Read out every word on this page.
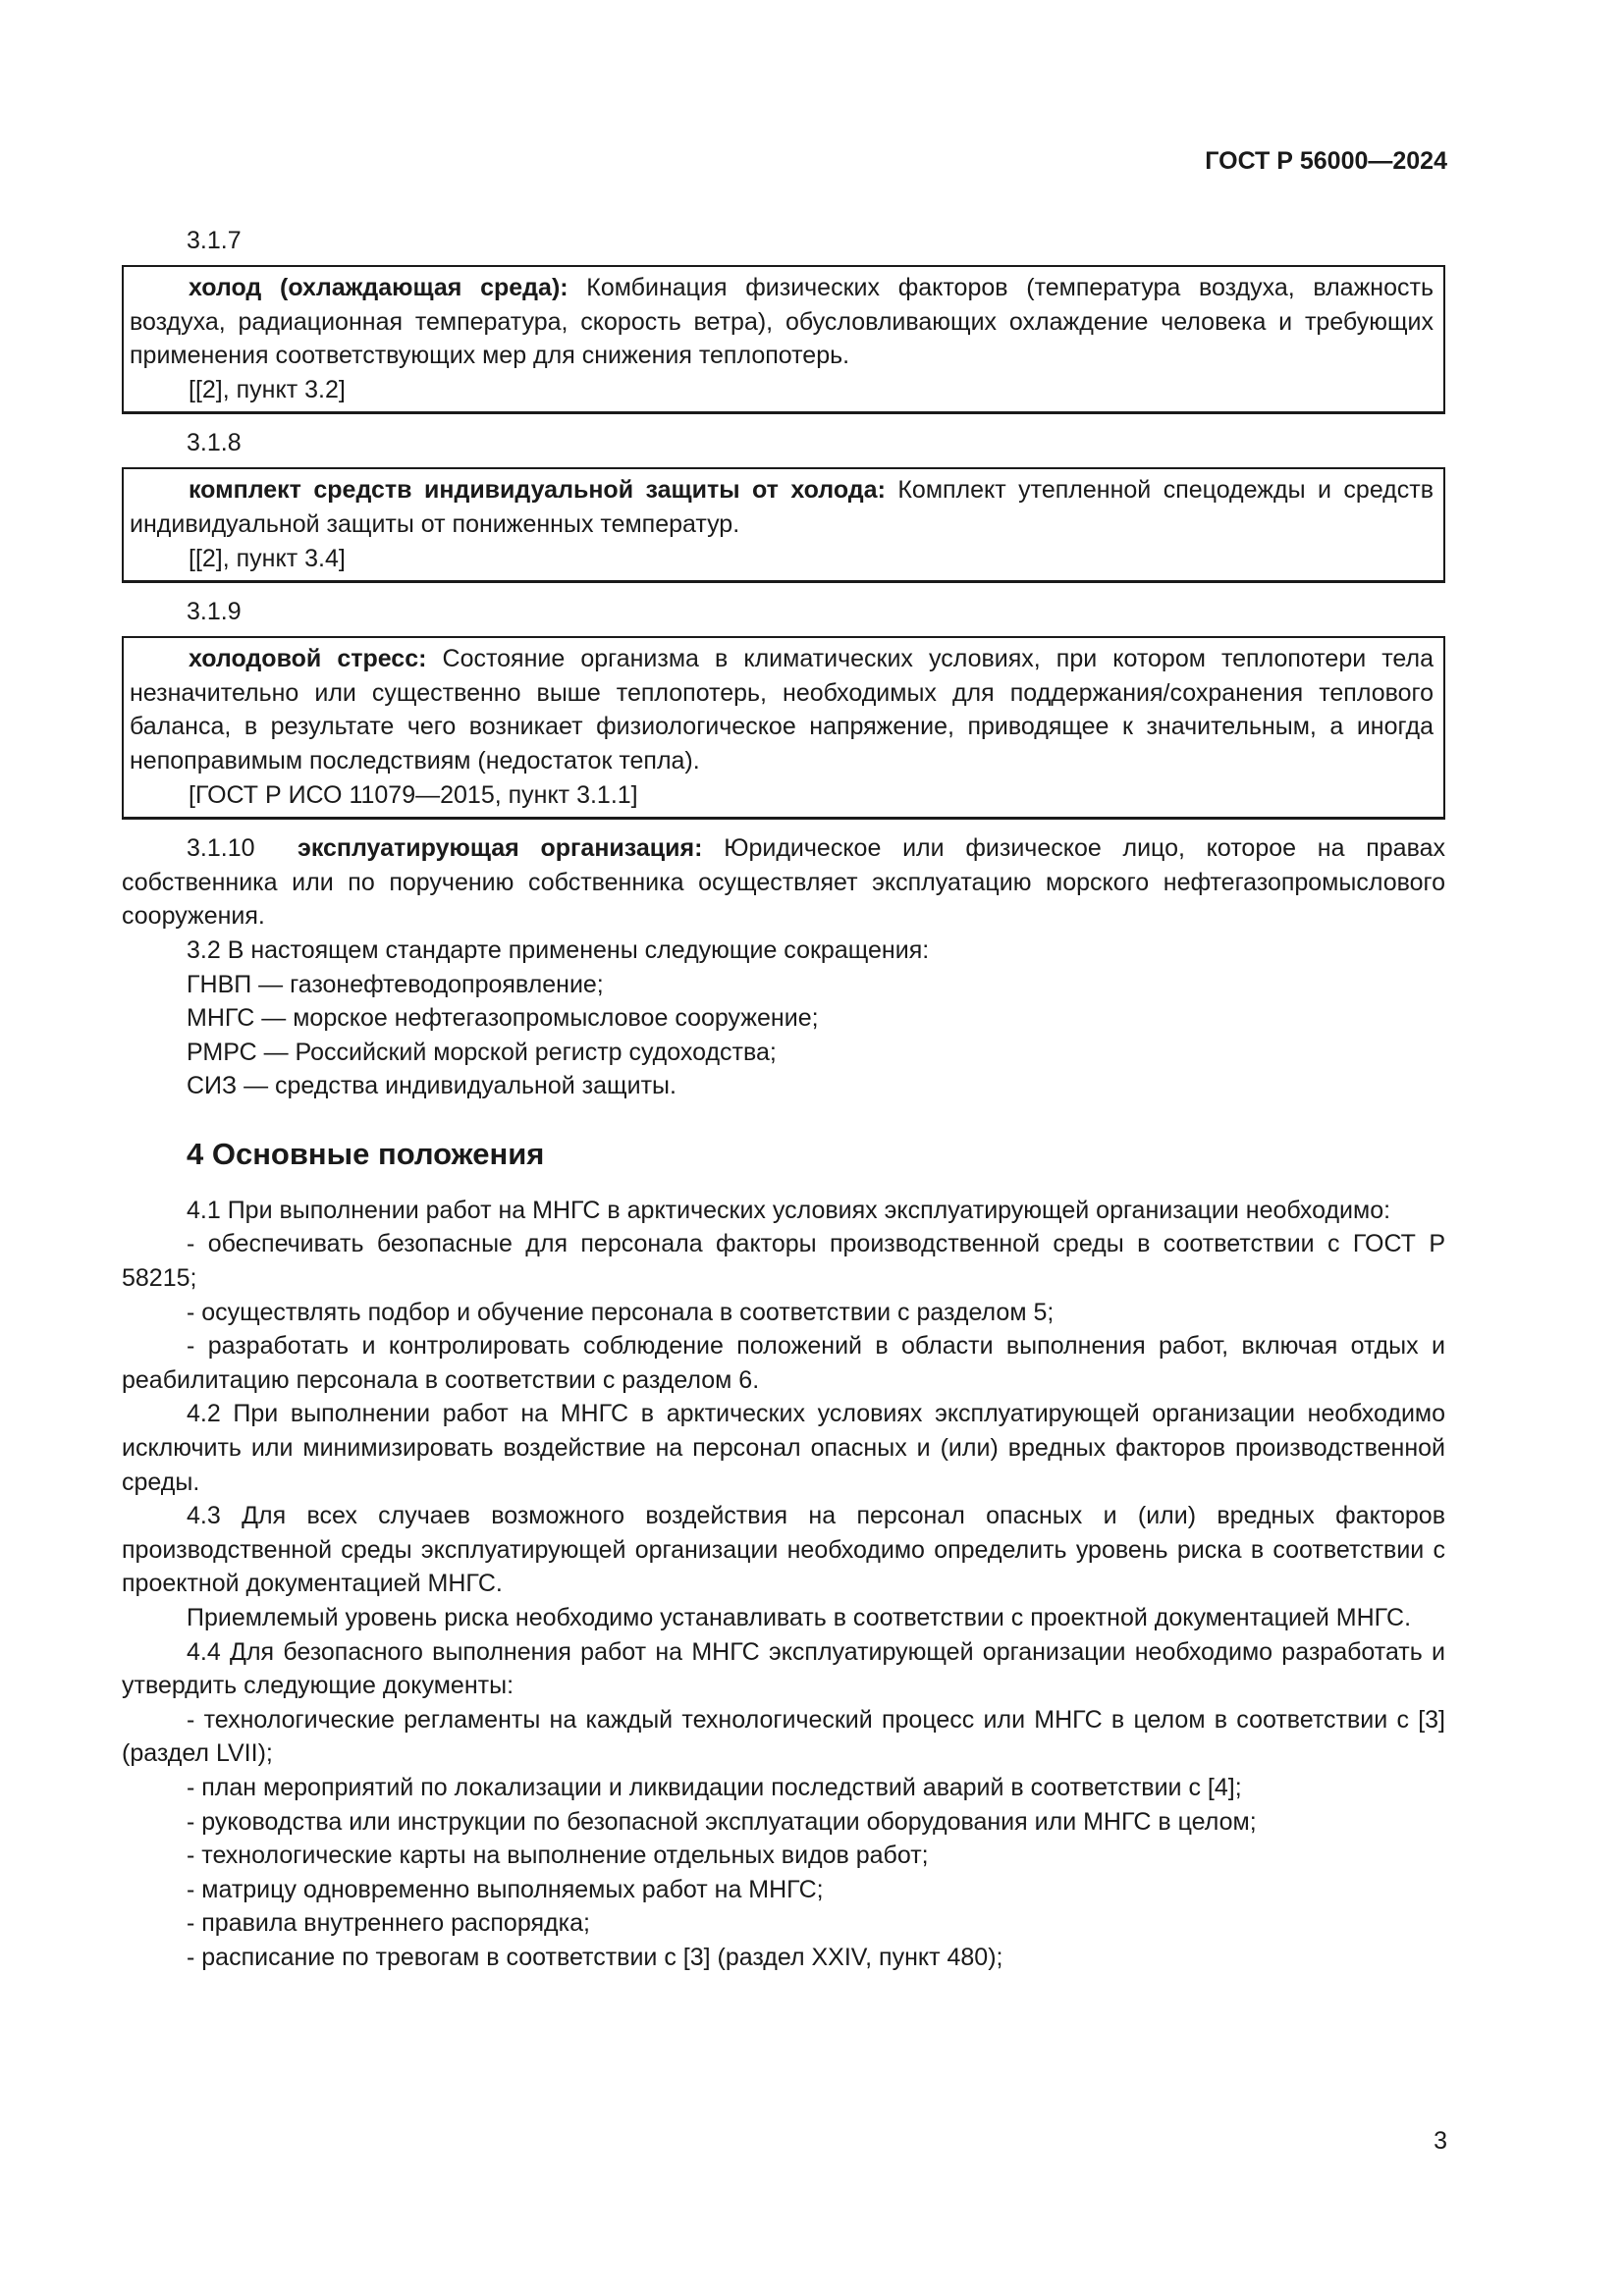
ГОСТ Р 56000—2024
3.1.7

холод (охлаждающая среда): Комбинация физических факторов (температура воздуха, влажность воздуха, радиационная температура, скорость ветра), обусловливающих охлаждение человека и требующих применения соответствующих мер для снижения теплопотерь.

[[2], пункт 3.2]
3.1.8

комплект средств индивидуальной защиты от холода: Комплект утепленной спецодежды и средств индивидуальной защиты от пониженных температур.

[[2], пункт 3.4]
3.1.9

холодовой стресс: Состояние организма в климатических условиях, при котором теплопотери тела незначительно или существенно выше теплопотерь, необходимых для поддержания/сохранения теплового баланса, в результате чего возникает физиологическое напряжение, приводящее к значительным, а иногда непоправимым последствиям (недостаток тепла).

[ГОСТ Р ИСО 11079—2015, пункт 3.1.1]

3.1.10 эксплуатирующая организация: Юридическое или физическое лицо, которое на правах собственника или по поручению собственника осуществляет эксплуатацию морского нефтегазопромыслового сооружения.

3.2 В настоящем стандарте применены следующие сокращения:

ГНВП — газонефтеводопроявление;

МНГС — морское нефтегазопромысловое сооружение;

РМРС — Российский морской регистр судоходства;

СИЗ — средства индивидуальной защиты.

4 Основные положения

4.1 При выполнении работ на МНГС в арктических условиях эксплуатирующей организации необходимо:

- обеспечивать безопасные для персонала факторы производственной среды в соответствии с ГОСТ Р 58215;

- осуществлять подбор и обучение персонала в соответствии с разделом 5;

- разработать и контролировать соблюдение положений в области выполнения работ, включая отдых и реабилитацию персонала в соответствии с разделом 6.

4.2 При выполнении работ на МНГС в арктических условиях эксплуатирующей организации необходимо исключить или минимизировать воздействие на персонал опасных и (или) вредных факторов производственной среды.

4.3 Для всех случаев возможного воздействия на персонал опасных и (или) вредных факторов производственной среды эксплуатирующей организации необходимо определить уровень риска в соответствии с проектной документацией МНГС.

Приемлемый уровень риска необходимо устанавливать в соответствии с проектной документацией МНГС.

4.4 Для безопасного выполнения работ на МНГС эксплуатирующей организации необходимо разработать и утвердить следующие документы:

- технологические регламенты на каждый технологический процесс или МНГС в целом в соответствии с [3] (раздел LVII);

- план мероприятий по локализации и ликвидации последствий аварий в соответствии с [4];

- руководства или инструкции по безопасной эксплуатации оборудования или МНГС в целом;

- технологические карты на выполнение отдельных видов работ;

- матрицу одновременно выполняемых работ на МНГС;

- правила внутреннего распорядка;

- расписание по тревогам в соответствии с [3] (раздел XXIV, пункт 480);

3
